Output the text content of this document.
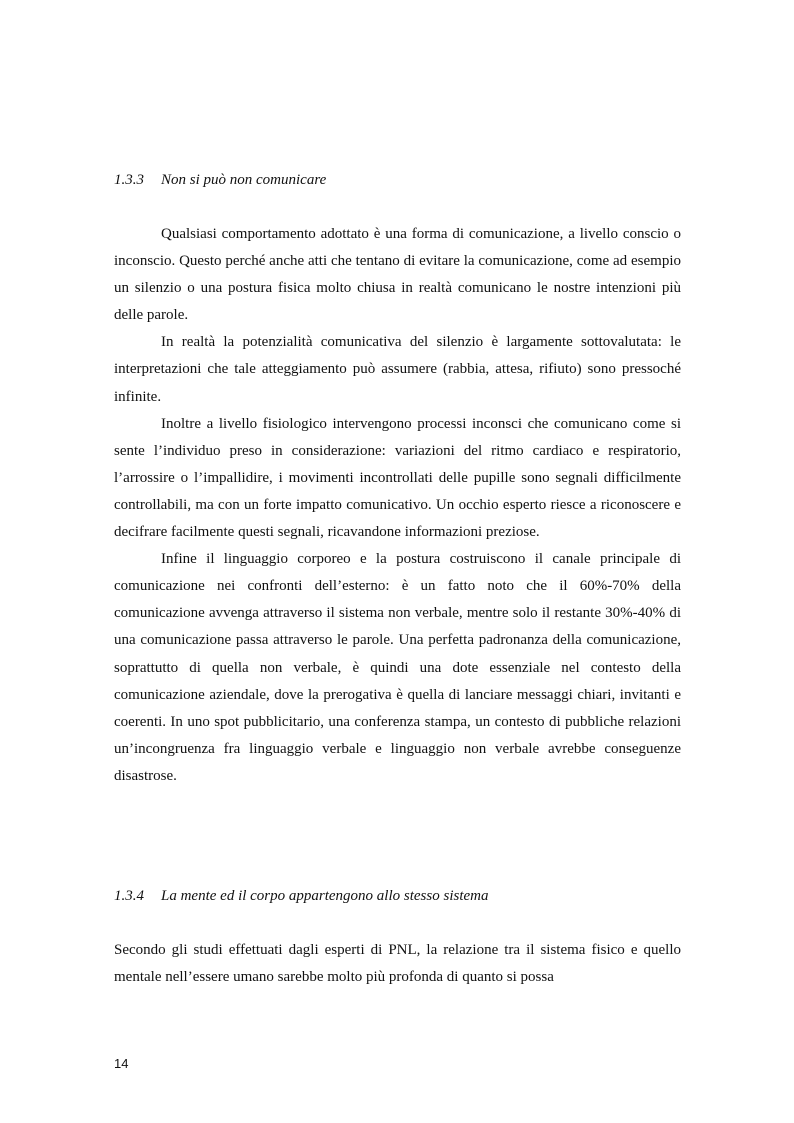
1.3.3 Non si può non comunicare

Qualsiasi comportamento adottato è una forma di comunicazione, a livello conscio o inconscio. Questo perché anche atti che tentano di evitare la comunicazione, come ad esempio un silenzio o una postura fisica molto chiusa in realtà comunicano le nostre intenzioni più delle parole.

In realtà la potenzialità comunicativa del silenzio è largamente sottovalutata: le interpretazioni che tale atteggiamento può assumere (rabbia, attesa, rifiuto) sono pressoché infinite.

Inoltre a livello fisiologico intervengono processi inconsci che comunicano come si sente l’individuo preso in considerazione: variazioni del ritmo cardiaco e respiratorio, l’arrossire o l’impallidire, i movimenti incontrollati delle pupille sono segnali difficilmente controllabili, ma con un forte impatto comunicativo. Un occhio esperto riesce a riconoscere e decifrare facilmente questi segnali, ricavandone informazioni preziose.

Infine il linguaggio corporeo e la postura costruiscono il canale principale di comunicazione nei confronti dell’esterno: è un fatto noto che il 60%-70% della comunicazione avvenga attraverso il sistema non verbale, mentre solo il restante 30%-40% di una comunicazione passa attraverso le parole. Una perfetta padronanza della comunicazione, soprattutto di quella non verbale, è quindi una dote essenziale nel contesto della comunicazione aziendale, dove la prerogativa è quella di lanciare messaggi chiari, invitanti e coerenti. In uno spot pubblicitario, una conferenza stampa, un contesto di pubbliche relazioni un’incongruenza fra linguaggio verbale e linguaggio non verbale avrebbe conseguenze disastrose.

1.3.4 La mente ed il corpo appartengono allo stesso sistema

Secondo gli studi effettuati dagli esperti di PNL, la relazione tra il sistema fisico e quello mentale nell’essere umano sarebbe molto più profonda di quanto si possa

14
